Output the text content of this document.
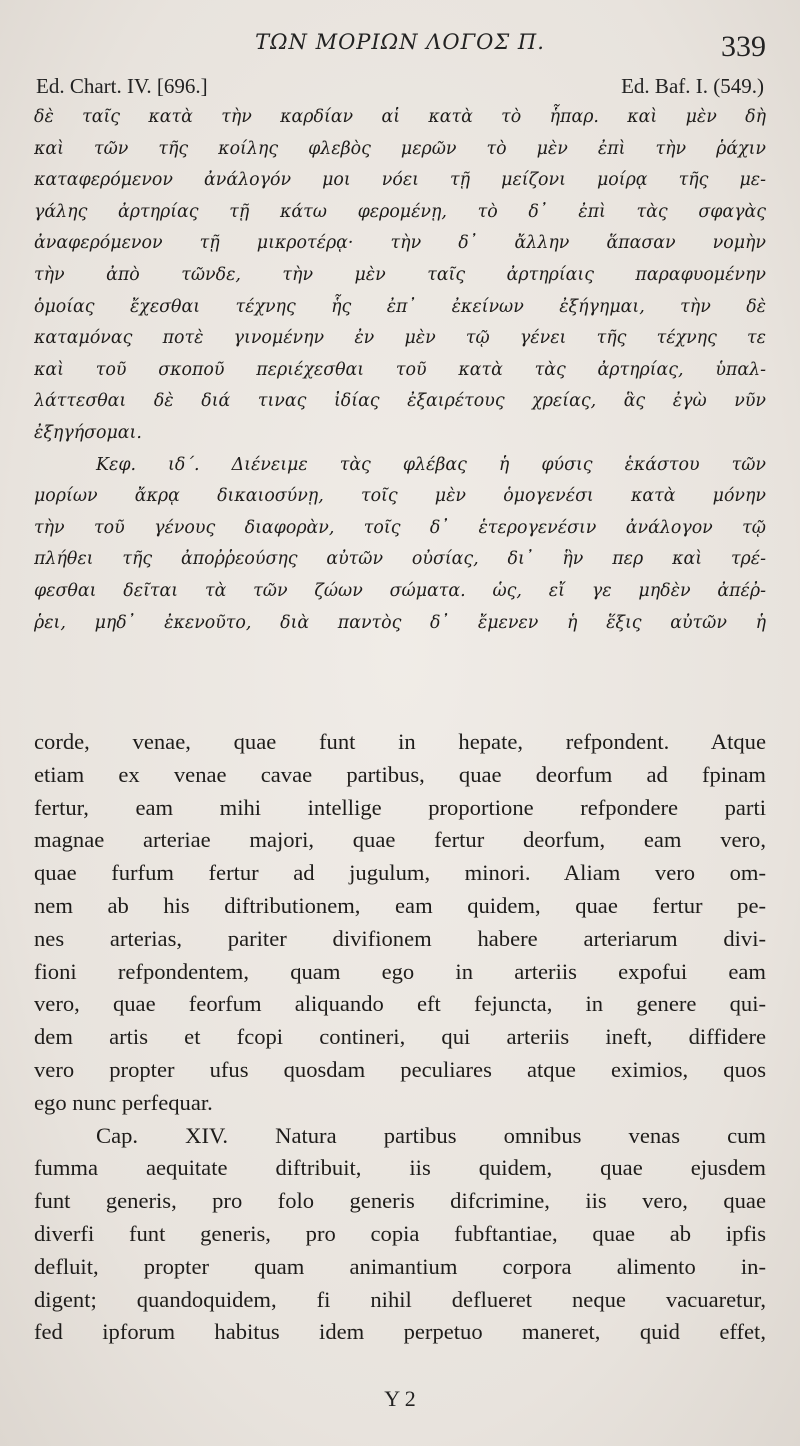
ΤΩΝ ΜΟΡΙΩΝ ΛΟΓΟΣ Π.	339
Ed. Chart. IV. [696.]	Ed. Baf. I. (549.)
δὲ ταῖς κατὰ τὴν καρδίαν αἱ κατὰ τὸ ἧπαρ. καὶ μὲν δὴ
καὶ τῶν τῆς κοίλης φλεβὸς μερῶν τὸ μὲν ἐπὶ τὴν ῥάχιν
καταφερόμενον ἀνάλογόν μοι νόει τῇ μείζονι μοίρᾳ τῆς με-
γάλης ἀρτηρίας τῇ κάτω φερομένῃ, τὸ δ᾽ ἐπὶ τὰς σφαγὰς
ἀναφερόμενον τῇ μικροτέρᾳ· τὴν δ᾽ ἄλλην ἅπασαν νομὴν
τὴν ἀπὸ τῶνδε, τὴν μὲν ταῖς ἀρτηρίαις παραφυομένην
ὁμοίας ἔχεσθαι τέχνης ἧς ἐπ᾽ ἐκείνων ἐξήγημαι, τὴν δὲ
καταμόνας ποτὲ γινομένην ἐν μὲν τῷ γένει τῆς τέχνης τε
καὶ τοῦ σκοποῦ περιέχεσθαι τοῦ κατὰ τὰς ἀρτηρίας, ὑπαλ-
λάττεσθαι δὲ διά τινας ἰδίας ἐξαιρέτους χρείας, ἃς ἐγὼ νῦν
ἐξηγήσομαι.
Κεφ. ιδ΄. Διένειμε τὰς φλέβας ἡ φύσις ἑκάστου τῶν
μορίων ἄκρᾳ δικαιοσύνῃ, τοῖς μὲν ὁμογενέσι κατὰ μόνην
τὴν τοῦ γένους διαφορὰν, τοῖς δ᾽ ἑτερογενέσιν ἀνάλογον τῷ
πλήθει τῆς ἀποῤῥεούσης αὐτῶν οὐσίας, δι᾽ ἣν περ καὶ τρέ-
φεσθαι δεῖται τὰ τῶν ζώων σώματα. ὡς, εἴ γε μηδὲν ἀπέῤ-
ῥει, μηδ᾽ ἐκενοῦτο, διὰ παντὸς δ᾽ ἔμενεν ἡ ἕξις αὐτῶν ἡ
corde, venae, quae funt in hepate, refpondent. Atque
etiam ex venae cavae partibus, quae deorfum ad fpinam
fertur, eam mihi intellige proportione refpondere parti
magnae arteriae majori, quae fertur deorfum, eam vero,
quae furfum fertur ad jugulum, minori. Aliam vero om-
nem ab his diftributionem, eam quidem, quae fertur pe-
nes arterias, pariter divifionem habere arteriarum divi-
fioni refpondentem, quam ego in arteriis expofui eam
vero, quae feorfum aliquando eft fejuncta, in genere qui-
dem artis et fcopi contineri, qui arteriis ineft, diffidere
vero propter ufus quosdam peculiares atque eximios, quos
ego nunc perfequar.
Cap. XIV. Natura partibus omnibus venas cum
fumma aequitate diftribuit, iis quidem, quae ejusdem
funt generis, pro folo generis difcrimine, iis vero, quae
diverfi funt generis, pro copia fubftantiae, quae ab ipfis
defluit, propter quam animantium corpora alimento in-
digent; quandoquidem, fi nihil deflueret neque vacuaretur,
fed ipforum habitus idem perpetuo maneret, quid effet,
Y 2
